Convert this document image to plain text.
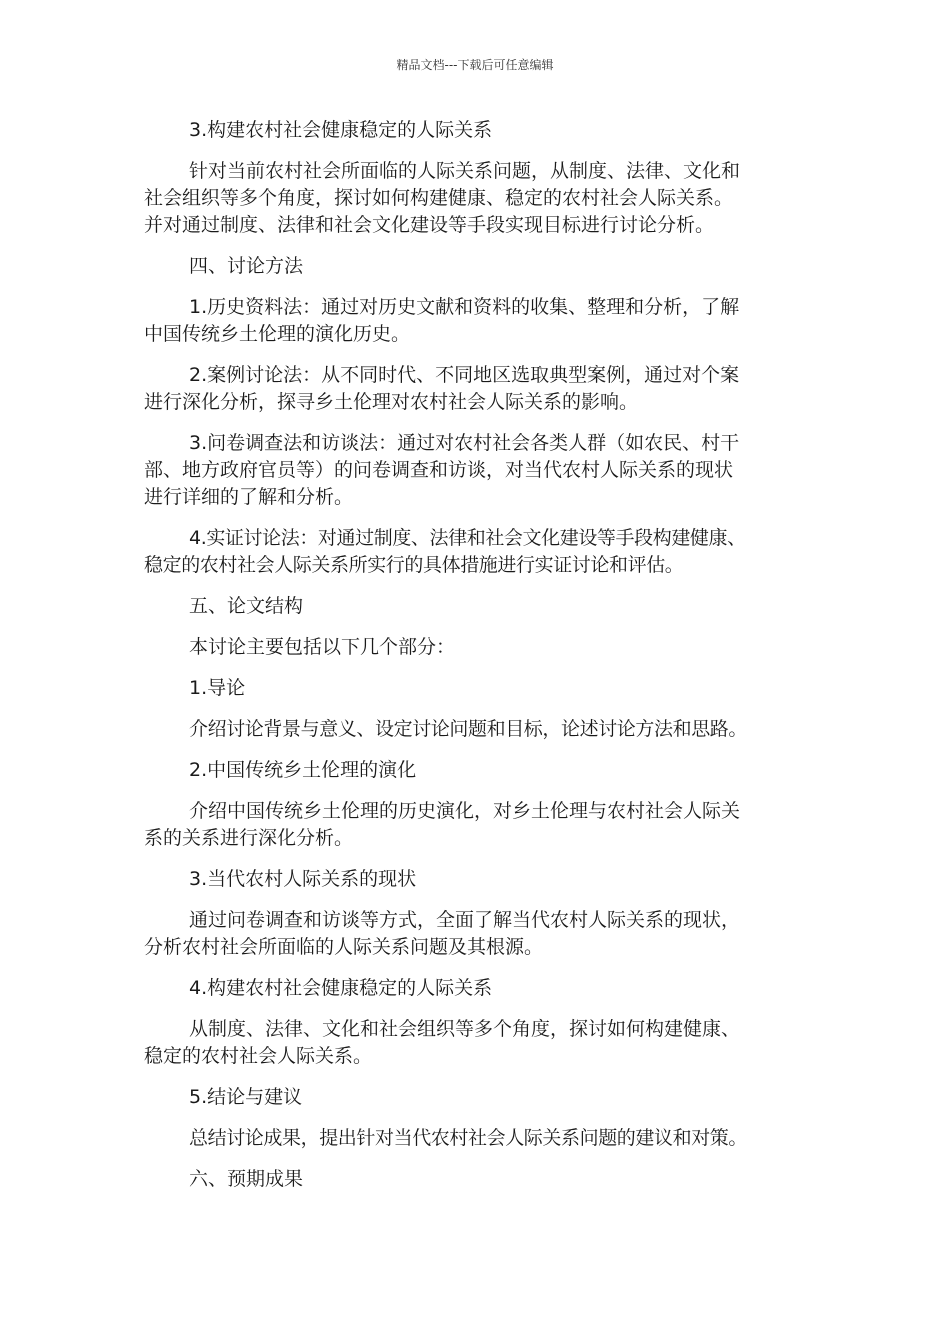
精品文档---下载后可任意编辑
3.构建农村社会健康稳定的人际关系
针对当前农村社会所面临的人际关系问题，从制度、法律、文化和
社会组织等多个角度，探讨如何构建健康、稳定的农村社会人际关系。
并对通过制度、法律和社会文化建设等手段实现目标进行讨论分析。
四、讨论方法
1.历史资料法：通过对历史文献和资料的收集、整理和分析，了解
中国传统乡土伦理的演化历史。
2.案例讨论法：从不同时代、不同地区选取典型案例，通过对个案
进行深化分析，探寻乡土伦理对农村社会人际关系的影响。
3.问卷调查法和访谈法：通过对农村社会各类人群（如农民、村干
部、地方政府官员等）的问卷调查和访谈，对当代农村人际关系的现状
进行详细的了解和分析。
4.实证讨论法：对通过制度、法律和社会文化建设等手段构建健康、
稳定的农村社会人际关系所实行的具体措施进行实证讨论和评估。
五、论文结构
本讨论主要包括以下几个部分：
1.导论
介绍讨论背景与意义、设定讨论问题和目标，论述讨论方法和思路。
2.中国传统乡土伦理的演化
介绍中国传统乡土伦理的历史演化，对乡土伦理与农村社会人际关
系的关系进行深化分析。
3.当代农村人际关系的现状
通过问卷调查和访谈等方式，全面了解当代农村人际关系的现状，
分析农村社会所面临的人际关系问题及其根源。
4.构建农村社会健康稳定的人际关系
从制度、法律、文化和社会组织等多个角度，探讨如何构建健康、
稳定的农村社会人际关系。
5.结论与建议
总结讨论成果，提出针对当代农村社会人际关系问题的建议和对策。
六、预期成果
